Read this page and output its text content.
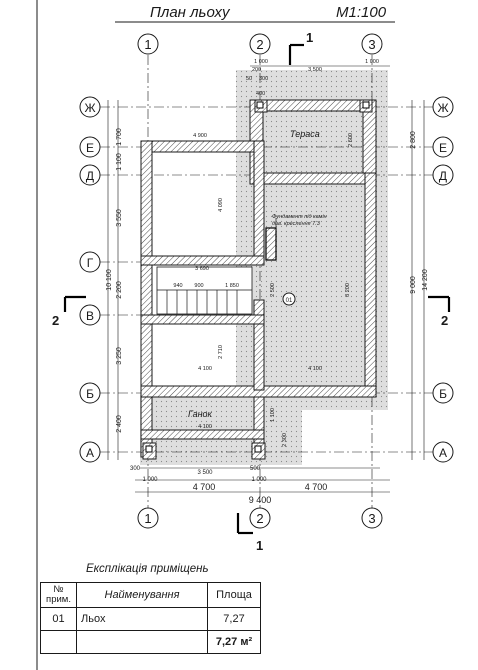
План льоху	М1:100
Фундамент під камін див. креслення 7.3
Тераса
Ганок
01
1
1
2	2
1	2	3
1	2	3
Ж
Е
Д
Г
В
Б
А
Ж
Е
Д
Б
А
1 700
1 100
3 550
10 100 2 200
3 250
2 400
2 800
9 000 14 200
1 000
200
300
50
3 500
1 000
4 900
400
4 090
2 600
8 200
3 690
940 900	1 850	2 500
2 710
4 100	4 100
4 100
1 100
2 300
4 700	4 700
9 400
3 500
1 000	1 000
300	500
Експлікація приміщень
№
прим.	Найменування	Площа
01	Льох	7,27
		7,27 м²
